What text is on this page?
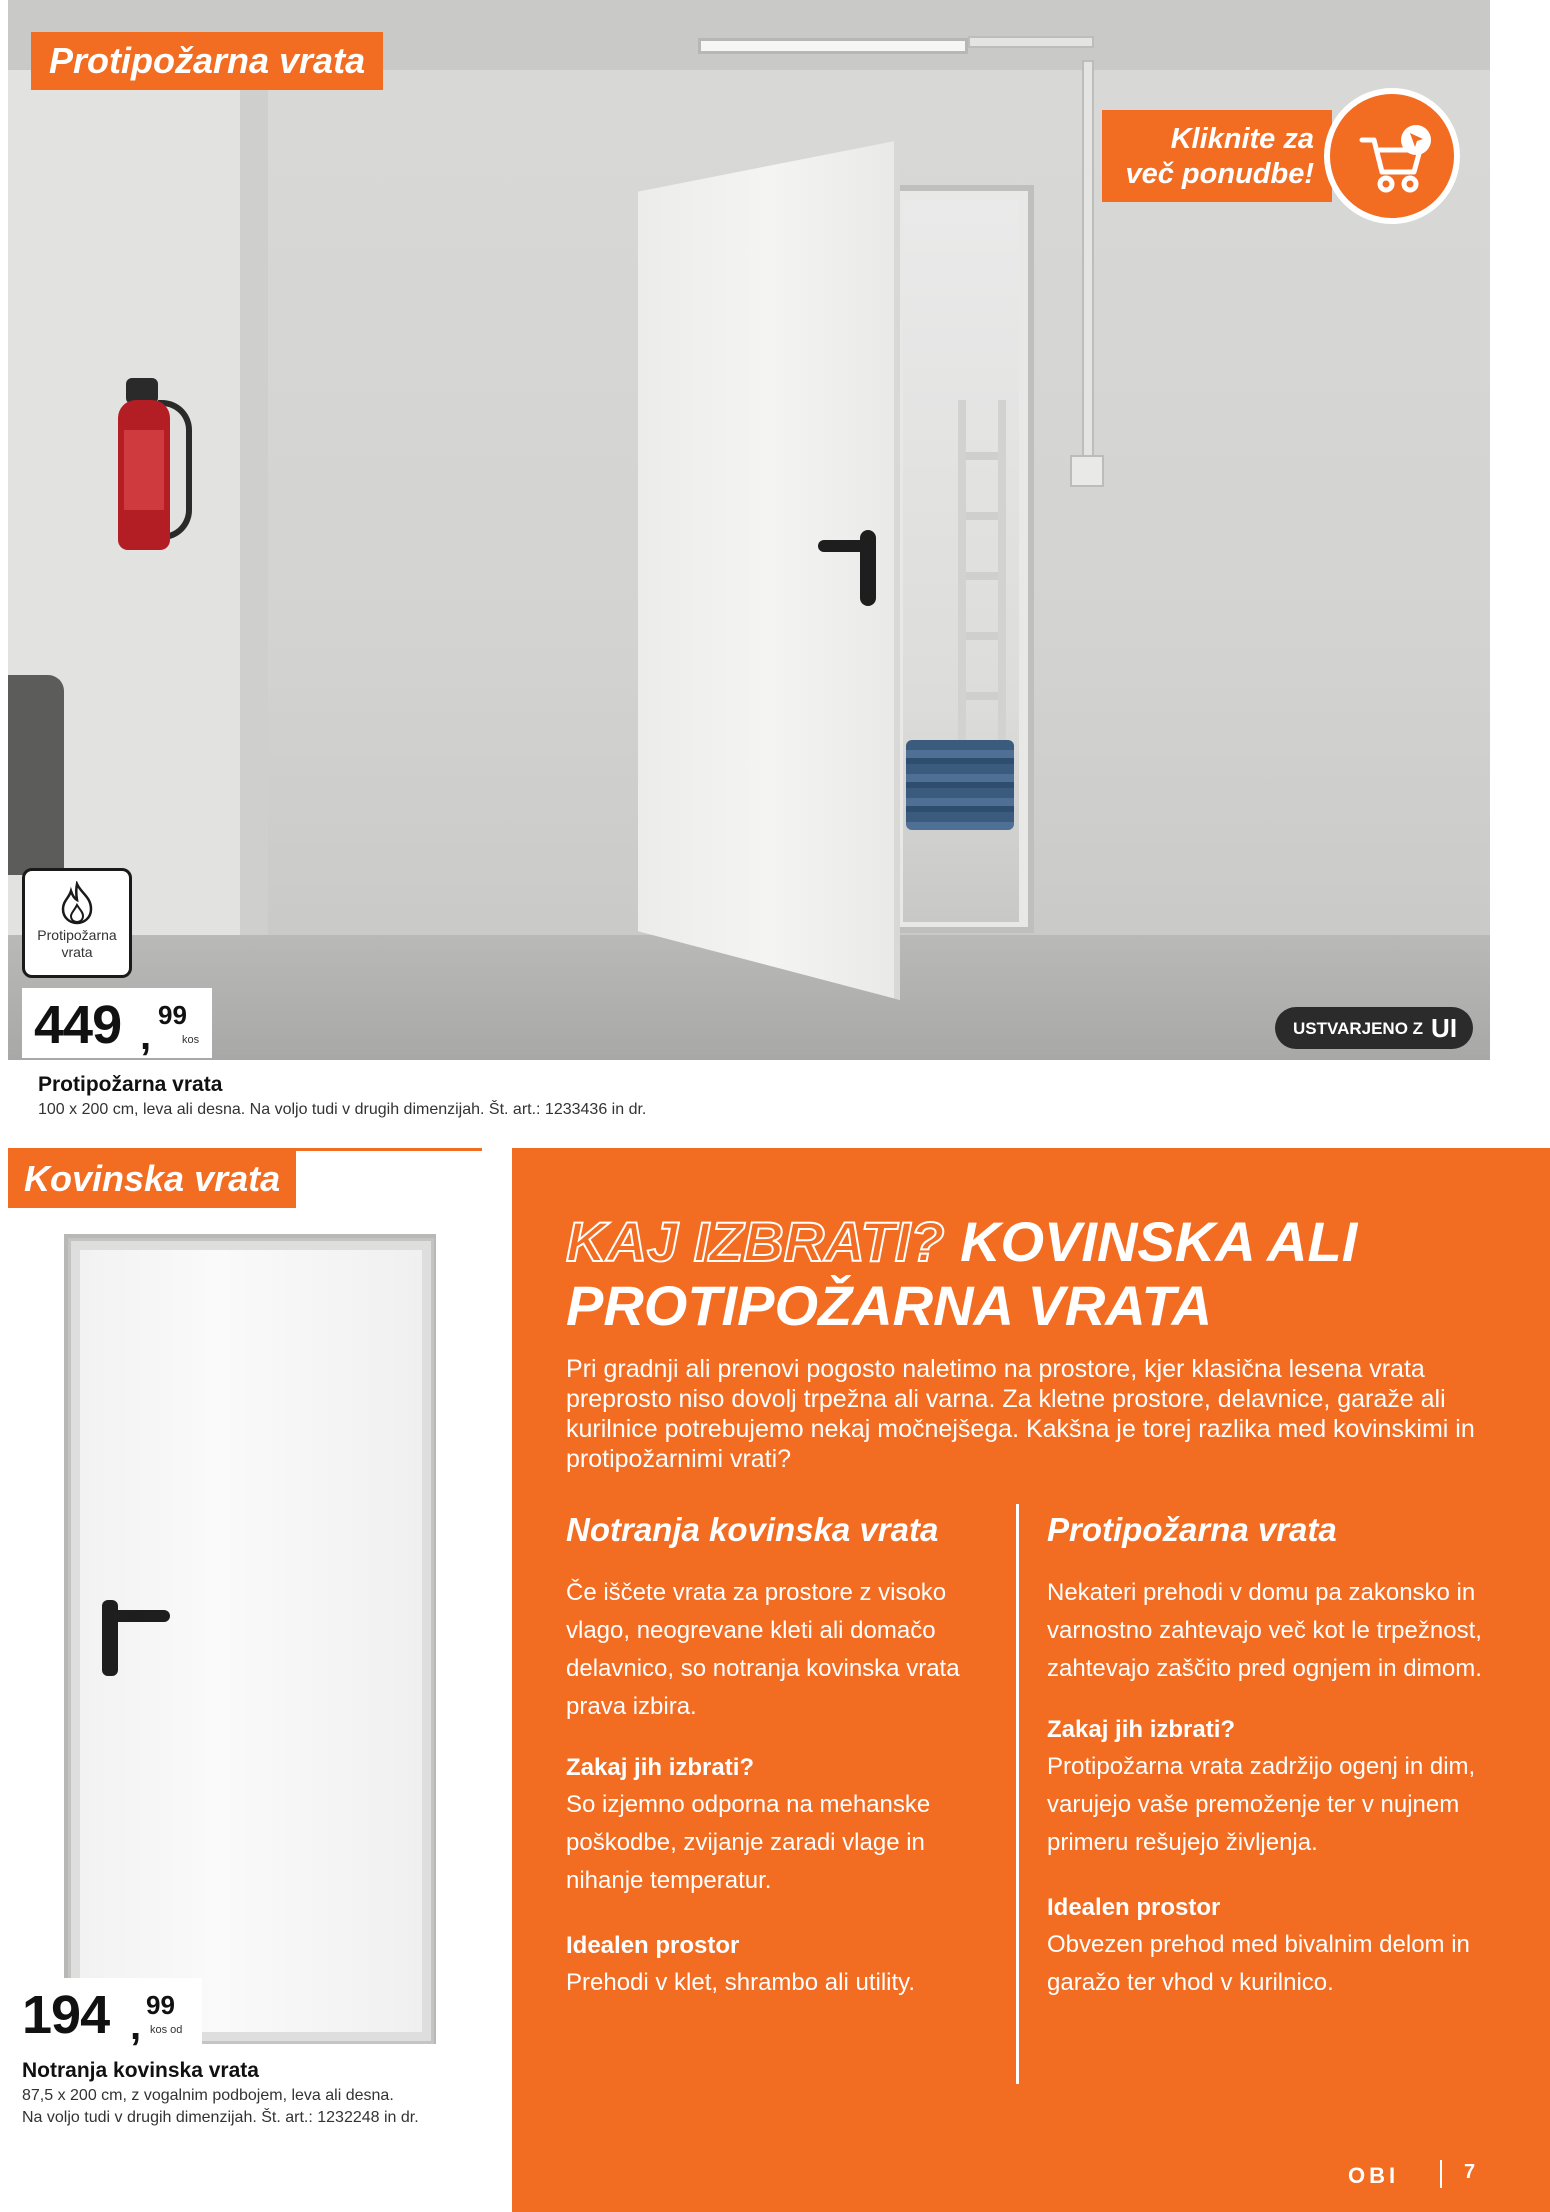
Protipožarna vrata
Kliknite za
več ponudbe!
Protipožarna
vrata
449 , 99
kos
USTVARJENO Z UI
Protipožarna vrata
100 x 200 cm, leva ali desna. Na voljo tudi v drugih dimenzijah. Št. art.: 1233436 in dr.
Kovinska vrata
194 , 99
kos od
Notranja kovinska vrata
87,5 x 200 cm, z vogalnim podbojem, leva ali desna.
Na voljo tudi v drugih dimenzijah. Št. art.: 1232248 in dr.
KAJ IZBRATI? KOVINSKA ALI
PROTIPOŽARNA VRATA
Pri gradnji ali prenovi pogosto naletimo na prostore, kjer klasična lesena vrata preprosto niso dovolj trpežna ali varna. Za kletne prostore, delavnice, garaže ali kurilnice potrebujemo nekaj močnejšega. Kakšna je torej razlika med kovinskimi in protipožarnimi vrati?
Notranja kovinska vrata
Če iščete vrata za prostore z visoko vlago, neogrevane kleti ali domačo delavnico, so notranja kovinska vrata prava izbira.
Zakaj jih izbrati?
So izjemno odporna na mehanske poškodbe, zvijanje zaradi vlage in nihanje temperatur.
Idealen prostor
Prehodi v klet, shrambo ali utility.
Protipožarna vrata
Nekateri prehodi v domu pa zakonsko in varnostno zahtevajo več kot le trpežnost, zahtevajo zaščito pred ognjem in dimom.
Zakaj jih izbrati?
Protipožarna vrata zadržijo ogenj in dim, varujejo vaše premoženje ter v nujnem primeru rešujejo življenja.
Idealen prostor
Obvezen prehod med bivalnim delom in garažo ter vhod v kurilnico.
OBI	7
